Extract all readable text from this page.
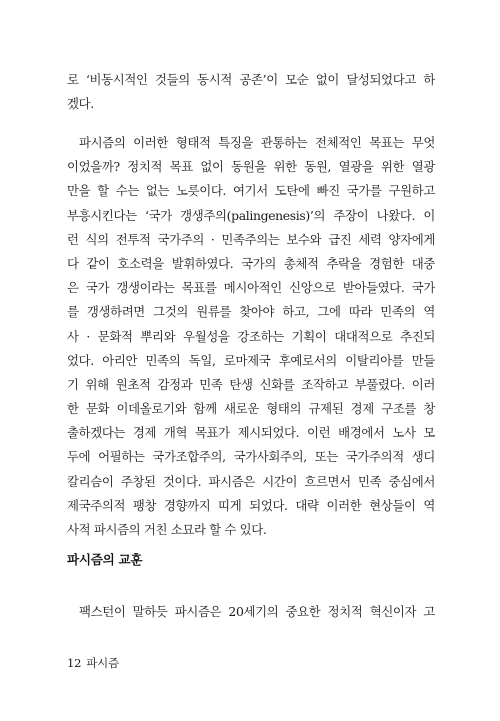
로 ‘비동시적인 것들의 동시적 공존’이 모순 없이 달성되었다고 하
겠다.
파시즘의 이러한 형태적 특징을 관통하는 전체적인 목표는 무엇
이었을까? 정치적 목표 없이 동원을 위한 동원, 열광을 위한 열광
만을 할 수는 없는 노릇이다. 여기서 도탄에 빠진 국가를 구원하고
부흥시킨다는 ‘국가 갱생주의(palingenesis)’의 주장이 나왔다. 이
런 식의 전투적 국가주의 · 민족주의는 보수와 급진 세력 양자에게
다 같이 호소력을 발휘하였다. 국가의 총체적 추락을 경험한 대중
은 국가 갱생이라는 목표를 메시아적인 신앙으로 받아들였다. 국가
를 갱생하려면 그것의 원류를 찾아야 하고, 그에 따라 민족의 역
사 · 문화적 뿌리와 우월성을 강조하는 기획이 대대적으로 추진되
었다. 아리안 민족의 독일, 로마제국 후예로서의 이탈리아를 만들
기 위해 원초적 감정과 민족 탄생 신화를 조작하고 부풀렸다. 이러
한 문화 이데올로기와 함께 새로운 형태의 규제된 경제 구조를 창
출하겠다는 경제 개혁 목표가 제시되었다. 이런 배경에서 노사 모
두에 어필하는 국가조합주의, 국가사회주의, 또는 국가주의적 생디
칼리슴이 주창된 것이다. 파시즘은 시간이 흐르면서 민족 중심에서
제국주의적 팽창 경향까지 띠게 되었다. 대략 이러한 현상들이 역
사적 파시즘의 거친 소묘라 할 수 있다.
파시즘의 교훈
팩스턴이 말하듯 파시즘은 20세기의 중요한 정치적 혁신이자 고
12 파시즘
